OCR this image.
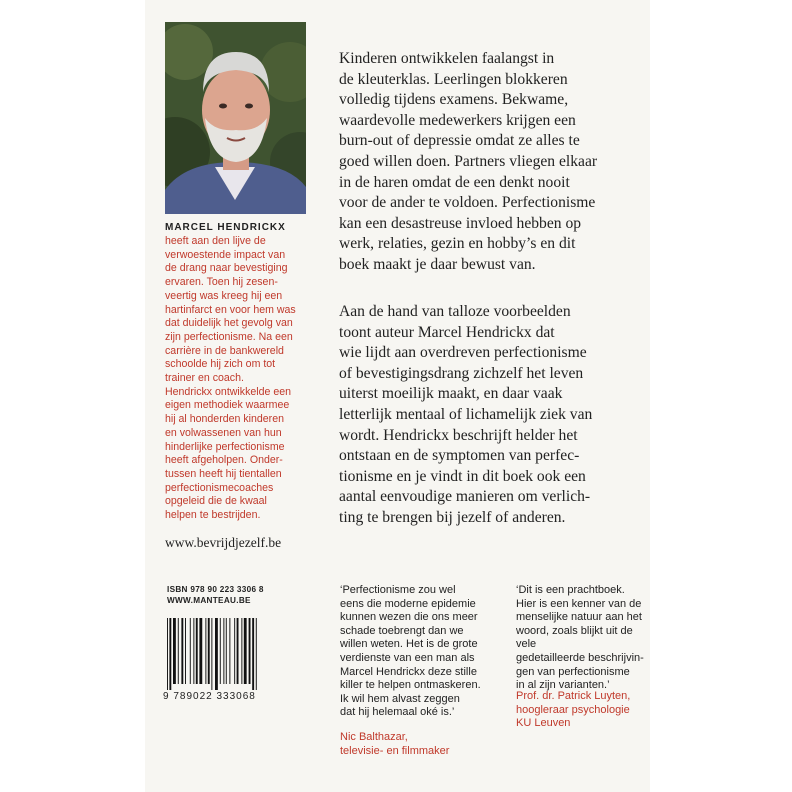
MARCEL HENDRICKX
heeft aan den lijve de
verwoestende impact van
de drang naar bevestiging
ervaren. Toen hij zesen-
veertig was kreeg hij een
hartinfarct en voor hem was
dat duidelijk het gevolg van
zijn perfectionisme. Na een
carrière in de bankwereld
schoolde hij zich om tot
trainer en coach.
Hendrickx ontwikkelde een
eigen methodiek waarmee
hij al honderden kinderen
en volwassenen van hun
hinderlijke perfectionisme
heeft afgeholpen. Onder-
tussen heeft hij tientallen
perfectionismecoaches
opgeleid die de kwaal
helpen te bestrijden.
www.bevrijdjezelf.be
Kinderen ontwikkelen faalangst in
de kleuterklas. Leerlingen blokkeren
volledig tijdens examens. Bekwame,
waardevolle medewerkers krijgen een
burn-out of depressie omdat ze alles te
goed willen doen. Partners vliegen elkaar
in de haren omdat de een denkt nooit
voor de ander te voldoen. Perfectionisme
kan een desastreuse invloed hebben op
werk, relaties, gezin en hobby’s en dit
boek maakt je daar bewust van.
Aan de hand van talloze voorbeelden
toont auteur Marcel Hendrickx dat
wie lijdt aan overdreven perfectionisme
of bevestigingsdrang zichzelf het leven
uiterst moeilijk maakt, en daar vaak
letterlijk mentaal of lichamelijk ziek van
wordt. Hendrickx beschrijft helder het
ontstaan en de symptomen van perfec-
tionisme en je vindt in dit boek ook een
aantal eenvoudige manieren om verlich-
ting te brengen bij jezelf of anderen.
ISBN 978 90 223 3306 8
WWW.MANTEAU.BE
9 789022 333068
‘Perfectionisme zou wel
eens die moderne epidemie
kunnen wezen die ons meer
schade toebrengt dan we
willen weten. Het is de grote
verdienste van een man als
Marcel Hendrickx deze stille
killer te helpen ontmaskeren.
Ik wil hem alvast zeggen
dat hij helemaal oké is.’
Nic Balthazar,
televisie- en filmmaker
‘Dit is een prachtboek.
Hier is een kenner van de
menselijke natuur aan het
woord, zoals blijkt uit de vele
gedetailleerde beschrijvin-
gen van perfectionisme
in al zijn varianten.’
Prof. dr. Patrick Luyten,
hoogleraar psychologie
KU Leuven
